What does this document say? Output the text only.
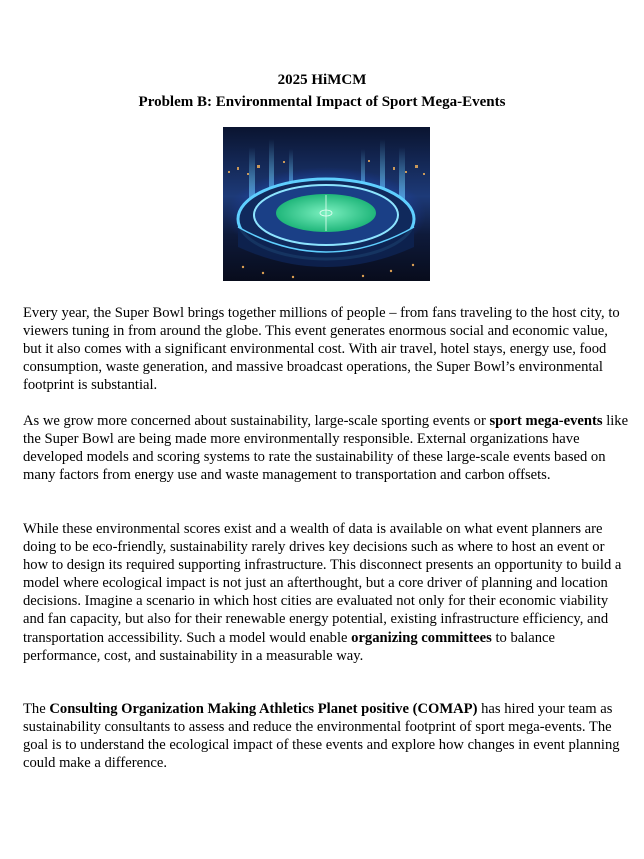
2025 HiMCM
Problem B: Environmental Impact of Sport Mega-Events

Every year, the Super Bowl brings together millions of people – from fans traveling to the host city, to viewers tuning in from around the globe. This event generates enormous social and economic value, but it also comes with a significant environmental cost. With air travel, hotel stays, energy use, food consumption, waste generation, and massive broadcast operations, the Super Bowl’s environmental footprint is substantial.

As we grow more concerned about sustainability, large-scale sporting events or sport mega-events like the Super Bowl are being made more environmentally responsible. External organizations have developed models and scoring systems to rate the sustainability of these large-scale events based on many factors from energy use and waste management to transportation and carbon offsets.

While these environmental scores exist and a wealth of data is available on what event planners are doing to be eco-friendly, sustainability rarely drives key decisions such as where to host an event or how to design its required supporting infrastructure. This disconnect presents an opportunity to build a model where ecological impact is not just an afterthought, but a core driver of planning and location decisions. Imagine a scenario in which host cities are evaluated not only for their economic viability and fan capacity, but also for their renewable energy potential, existing infrastructure efficiency, and transportation accessibility. Such a model would enable organizing committees to balance performance, cost, and sustainability in a measurable way.

The Consulting Organization Making Athletics Planet positive (COMAP) has hired your team as sustainability consultants to assess and reduce the environmental footprint of sport mega-events. The goal is to understand the ecological impact of these events and explore how changes in event planning could make a difference.
